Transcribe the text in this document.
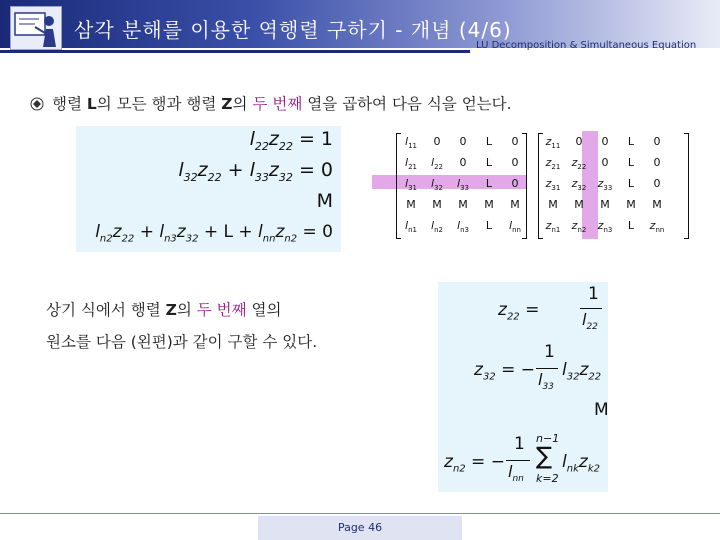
삼각 분해를 이용한 역행렬 구하기 - 개념 (4/6)
LU Decomposition & Simultaneous Equation
행렬 L의 모든 행과 행렬 Z의 두 번째 열을 곱하여 다음 식을 얻는다.
$l_{22}z_{22} = 1$
$l_{32}z_{22} + l_{33}z_{32} = 0$
M
$l_{n2}z_{22} + l_{n3}z_{32} + L + l_{nn}z_{n2} = 0$
$l_{11}$	0	0	L	0
$l_{21}$	$l_{22}$	0	L	0
$l_{31}$	$l_{32}$	$l_{33}$	L	0
M	M	M	M	M
$l_{n1}$	$l_{n2}$	$l_{n3}$	L	$l_{nn}$
$z_{11}$	0	0	L	0
$z_{21}$	$z_{22}$	0	L	0
$z_{31}$	$z_{32}$	$z_{33}$	L	0
M	M	M	M	M
$z_{n1}$	$z_{n2}$	$z_{n3}$	L	$z_{nn}$
상기 식에서 행렬 Z의 두 번째 열의
원소를 다음 (왼편)과 같이 구할 수 있다.
$z_{22}$ =
1
$l_{22}$
$z_{32}$ = −
1
$l_{33}$
$l_{32}z_{22}$
M
$z_{n2}$ = −
1
$l_{nn}$
n−1
∑
k=2
$l_{nk}z_{k2}$
Page 46
